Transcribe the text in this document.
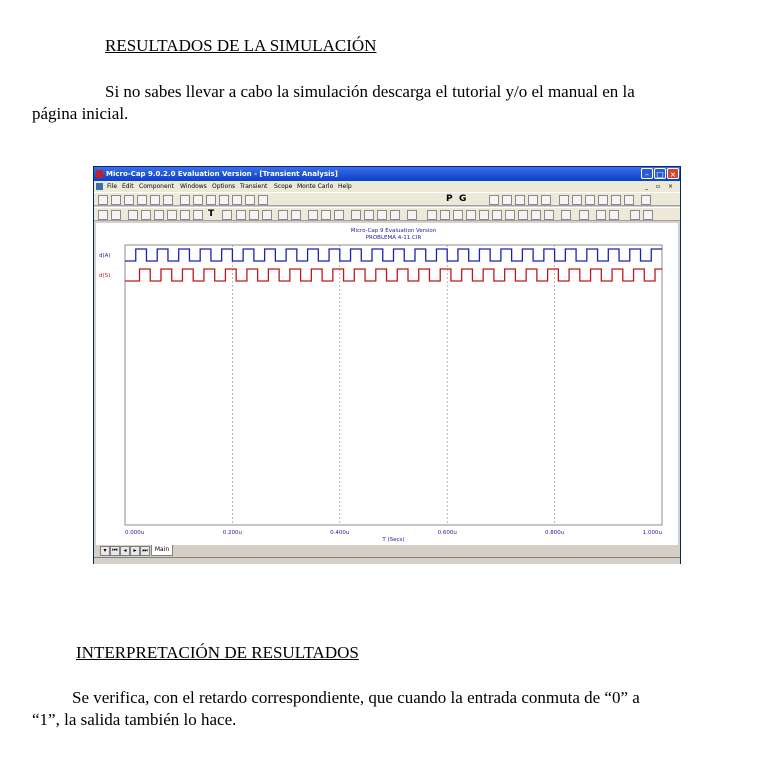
RESULTADOS DE LA SIMULACIÓN
Si no sabes llevar a cabo la simulación descarga el tutorial y/o el manual en la
página inicial.
Micro-Cap 9.0.2.0 Evaluation Version - [Transient Analysis]	– □ ×
File Edit Component Windows Options Transient Scope Monte Carlo Help	_ ▫ ×
P G
T
0.000u	0.200u	0.400u	0.600u	0.800u	1.000u
Micro-Cap 9 Evaluation Version
PROBLEMA 4-11.CIR
T (Secs)
d(A)
d(S)
▾ ⏮ ◂	▸ ⏭	Main
INTERPRETACIÓN DE RESULTADOS
Se verifica, con el retardo correspondiente, que cuando la entrada conmuta de “0” a
“1”, la salida también lo hace.
